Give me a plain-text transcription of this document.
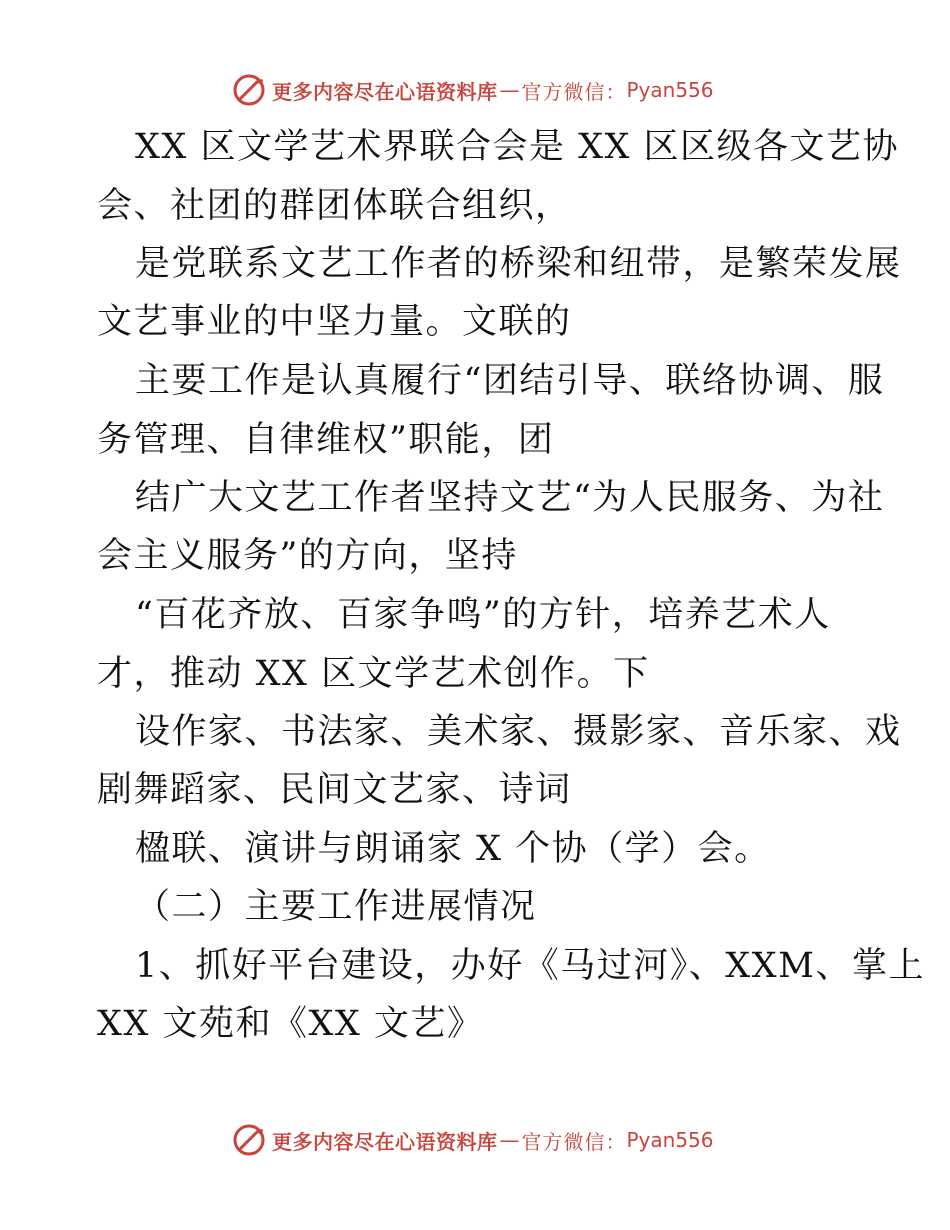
更多内容尽在心语资料库 — 官方微信： Pyan556
XX 区文学艺术界联合会是 XX 区区级各文艺协
会、社团的群团体联合组织，
是党联系文艺工作者的桥梁和纽带，是繁荣发展
文艺事业的中坚力量。文联的
主要工作是认真履行“团结引导、联络协调、服
务管理、自律维权”职能，团
结广大文艺工作者坚持文艺“为人民服务、为社
会主义服务”的方向，坚持
“百花齐放、百家争鸣”的方针，培养艺术人
才，推动 XX 区文学艺术创作。下
设作家、书法家、美术家、摄影家、音乐家、戏
剧舞蹈家、民间文艺家、诗词
楹联、演讲与朗诵家 X 个协（学）会。
（二）主要工作进展情况
1、抓好平台建设，办好《马过河》、XXM、掌上
XX 文苑和《XX 文艺》
更多内容尽在心语资料库 — 官方微信： Pyan556
